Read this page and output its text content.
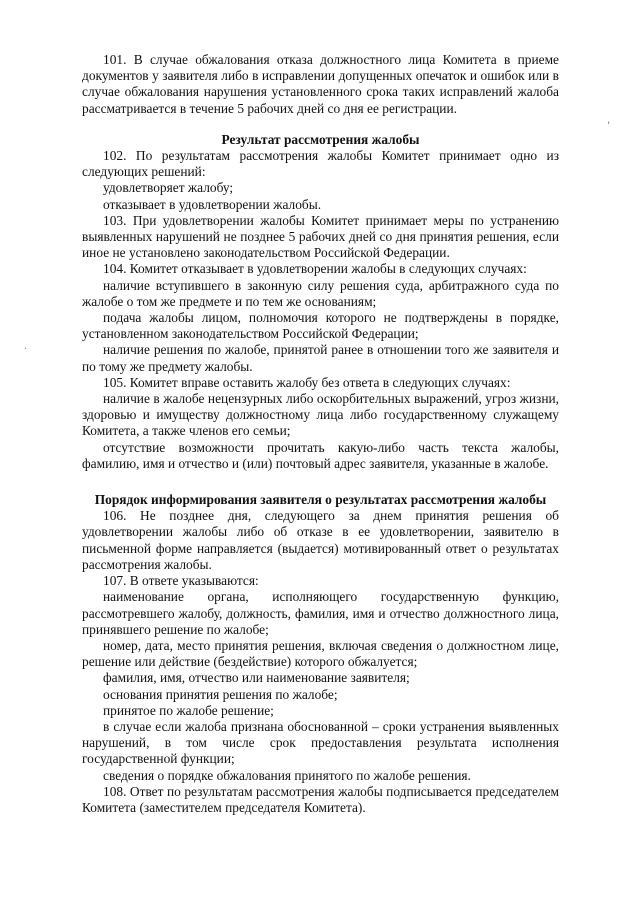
,
·

101. В случае обжалования отказа должностного лица Комитета в приеме документов у заявителя либо в исправлении допущенных опечаток и ошибок или в случае обжалования нарушения установленного срока таких исправлений жалоба рассматривается в течение 5 рабочих дней со дня ее регистрации.

Результат рассмотрения жалобы

102. По результатам рассмотрения жалобы Комитет принимает одно из следующих решений:

удовлетворяет жалобу;

отказывает в удовлетворении жалобы.

103. При удовлетворении жалобы Комитет принимает меры по устранению выявленных нарушений не позднее 5 рабочих дней со дня принятия решения, если иное не установлено законодательством Российской Федерации.

104. Комитет отказывает в удовлетворении жалобы в следующих случаях:

наличие вступившего в законную силу решения суда, арбитражного суда по жалобе о том же предмете и по тем же основаниям;

подача жалобы лицом, полномочия которого не подтверждены в порядке, установленном законодательством Российской Федерации;

наличие решения по жалобе, принятой ранее в отношении того же заявителя и по тому же предмету жалобы.

105. Комитет вправе оставить жалобу без ответа в следующих случаях:

наличие в жалобе нецензурных либо оскорбительных выражений, угроз жизни, здоровью и имуществу должностному лица либо государственному служащему Комитета, а также членов его семьи;

отсутствие возможности прочитать какую-либо часть текста жалобы, фамилию, имя и отчество и (или) почтовый адрес заявителя, указанные в жалобе.

Порядок информирования заявителя о результатах рассмотрения жалобы

106. Не позднее дня, следующего за днем принятия решения об удовлетворении жалобы либо об отказе в ее удовлетворении, заявителю в письменной форме направляется (выдается) мотивированный ответ о результатах рассмотрения жалобы.

107. В ответе указываются:

наименование органа, исполняющего государственную функцию, рассмотревшего жалобу, должность, фамилия, имя и отчество должностного лица, принявшего решение по жалобе;

номер, дата, место принятия решения, включая сведения о должностном лице, решение или действие (бездействие) которого обжалуется;

фамилия, имя, отчество или наименование заявителя;

основания принятия решения по жалобе;

принятое по жалобе решение;

в случае если жалоба признана обоснованной – сроки устранения выявленных нарушений, в том числе срок предоставления результата исполнения государственной функции;

сведения о порядке обжалования принятого по жалобе решения.

108. Ответ по результатам рассмотрения жалобы подписывается председателем Комитета (заместителем председателя Комитета).
